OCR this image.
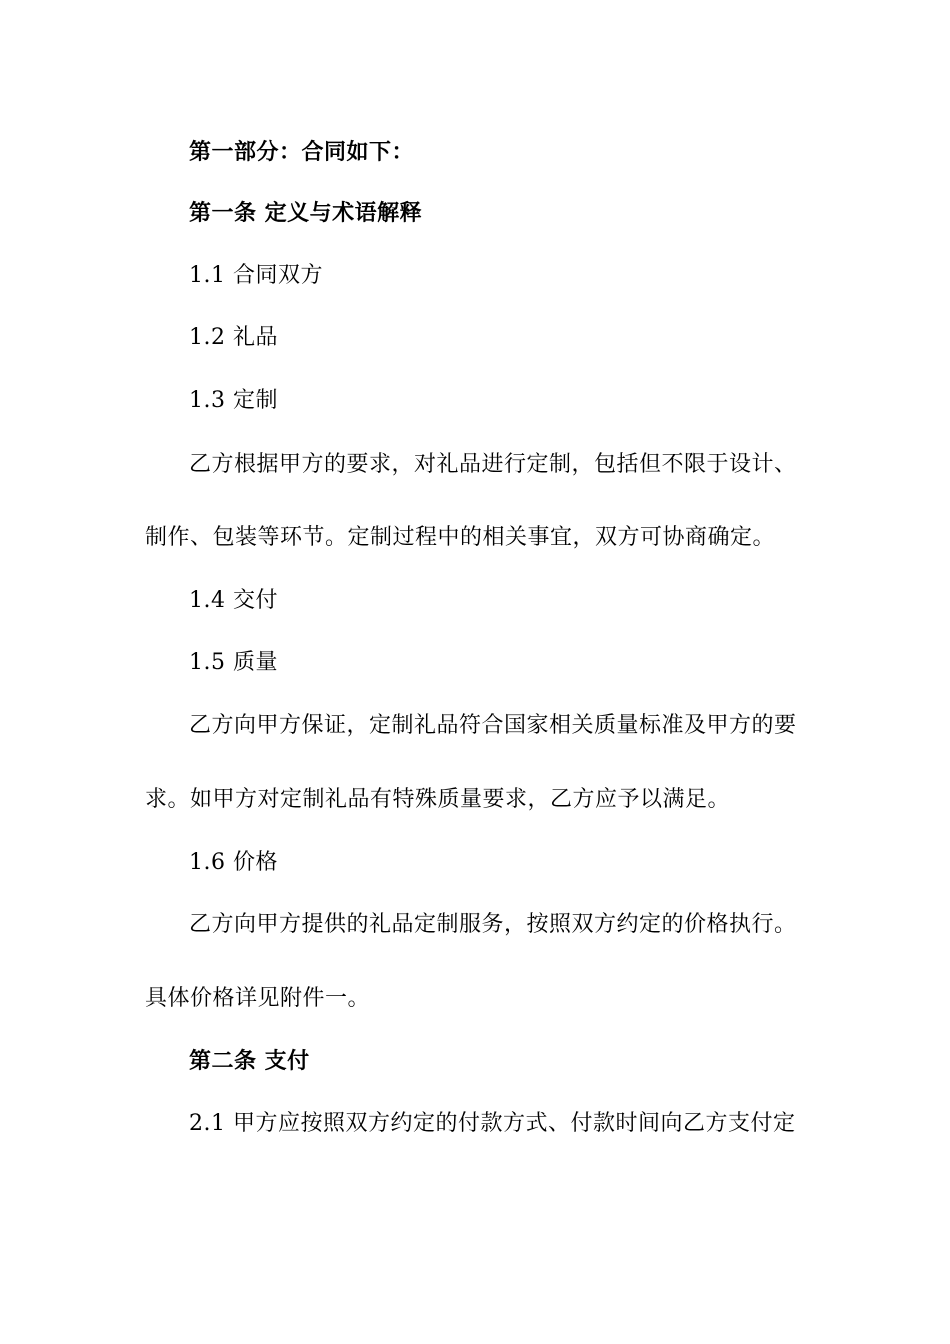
第一部分：合同如下：
第一条 定义与术语解释
1.1 合同双方
1.2 礼品
1.3 定制
乙方根据甲方的要求，对礼品进行定制，包括但不限于设计、
制作、包装等环节。定制过程中的相关事宜，双方可协商确定。
1.4 交付
1.5 质量
乙方向甲方保证，定制礼品符合国家相关质量标准及甲方的要
求。如甲方对定制礼品有特殊质量要求，乙方应予以满足。
1.6 价格
乙方向甲方提供的礼品定制服务，按照双方约定的价格执行。
具体价格详见附件一。
第二条 支付
2.1 甲方应按照双方约定的付款方式、付款时间向乙方支付定
